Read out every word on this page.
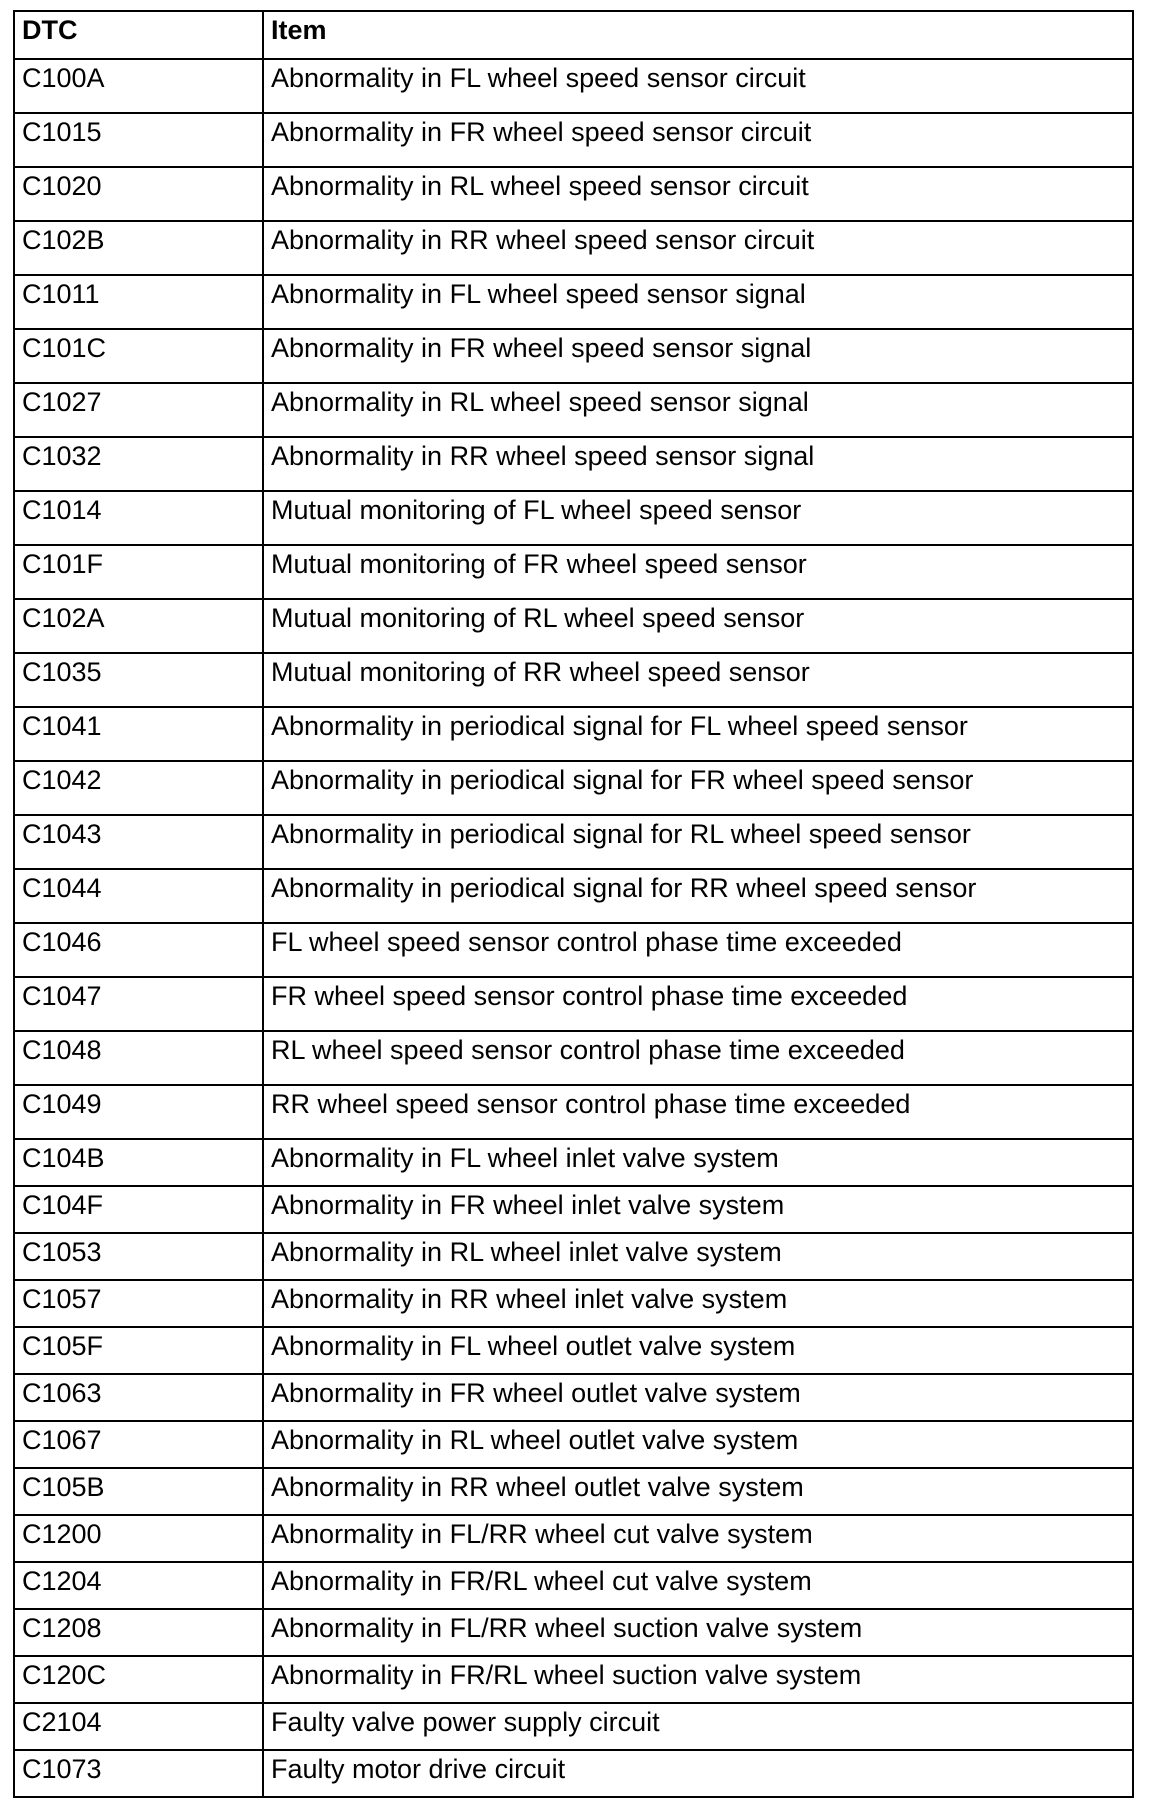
DTC	Item
C100A	Abnormality in FL wheel speed sensor circuit
C1015	Abnormality in FR wheel speed sensor circuit
C1020	Abnormality in RL wheel speed sensor circuit
C102B	Abnormality in RR wheel speed sensor circuit
C1011	Abnormality in FL wheel speed sensor signal
C101C	Abnormality in FR wheel speed sensor signal
C1027	Abnormality in RL wheel speed sensor signal
C1032	Abnormality in RR wheel speed sensor signal
C1014	Mutual monitoring of FL wheel speed sensor
C101F	Mutual monitoring of FR wheel speed sensor
C102A	Mutual monitoring of RL wheel speed sensor
C1035	Mutual monitoring of RR wheel speed sensor
C1041	Abnormality in periodical signal for FL wheel speed sensor
C1042	Abnormality in periodical signal for FR wheel speed sensor
C1043	Abnormality in periodical signal for RL wheel speed sensor
C1044	Abnormality in periodical signal for RR wheel speed sensor
C1046	FL wheel speed sensor control phase time exceeded
C1047	FR wheel speed sensor control phase time exceeded
C1048	RL wheel speed sensor control phase time exceeded
C1049	RR wheel speed sensor control phase time exceeded
C104B	Abnormality in FL wheel inlet valve system
C104F	Abnormality in FR wheel inlet valve system
C1053	Abnormality in RL wheel inlet valve system
C1057	Abnormality in RR wheel inlet valve system
C105F	Abnormality in FL wheel outlet valve system
C1063	Abnormality in FR wheel outlet valve system
C1067	Abnormality in RL wheel outlet valve system
C105B	Abnormality in RR wheel outlet valve system
C1200	Abnormality in FL/RR wheel cut valve system
C1204	Abnormality in FR/RL wheel cut valve system
C1208	Abnormality in FL/RR wheel suction valve system
C120C	Abnormality in FR/RL wheel suction valve system
C2104	Faulty valve power supply circuit
C1073	Faulty motor drive circuit
